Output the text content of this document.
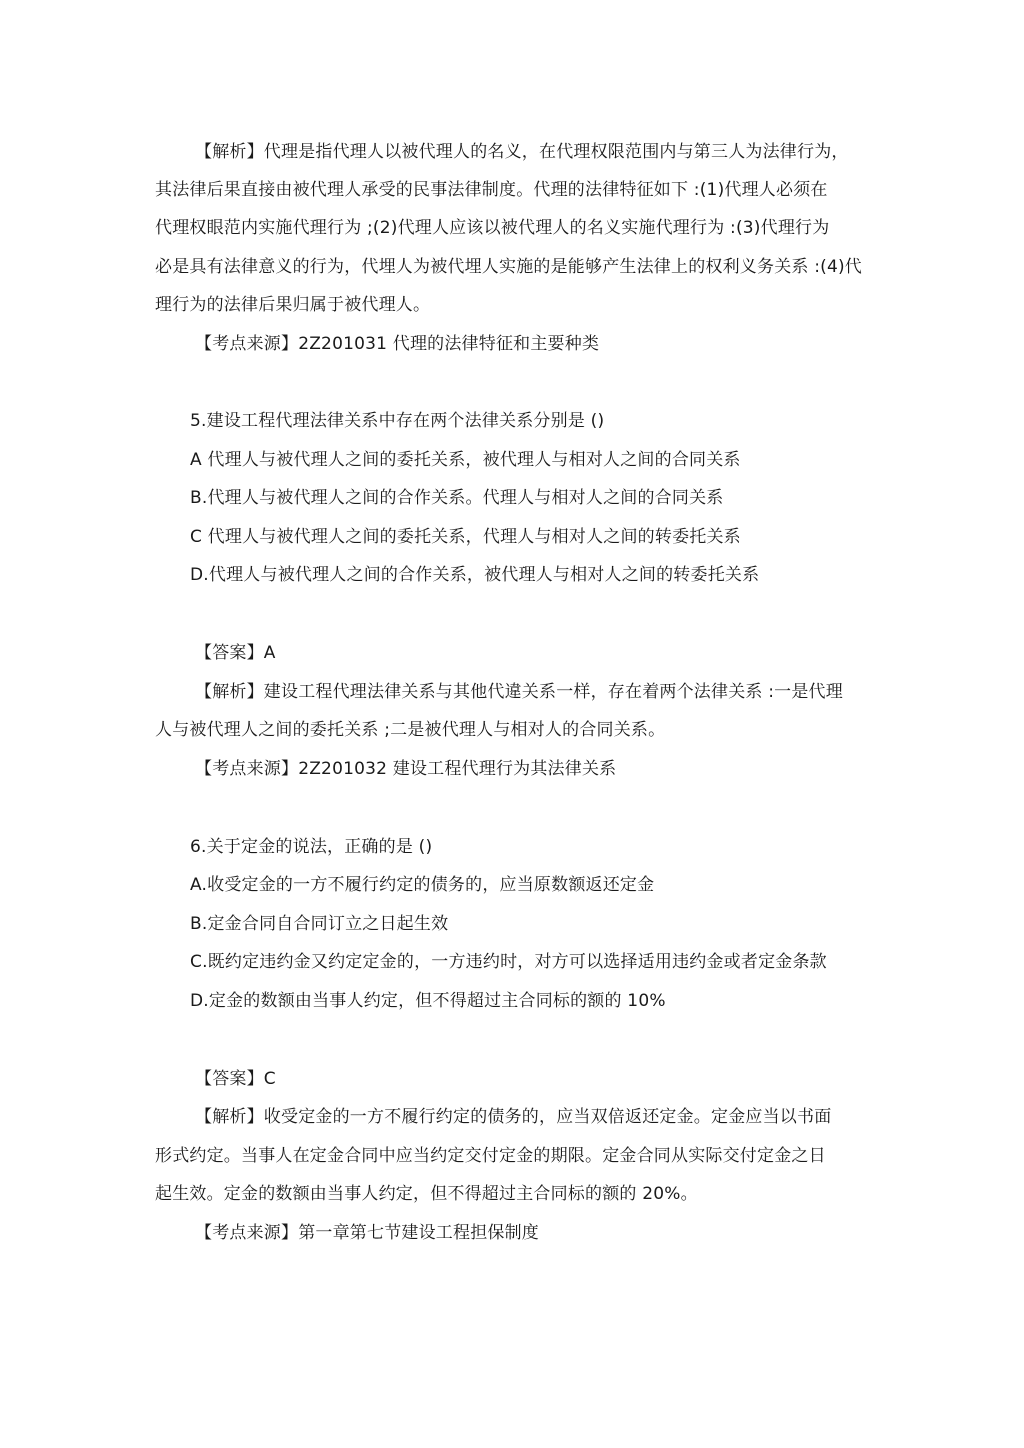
【解析】代理是指代理人以被代理人的名义，在代理权限范围内与第三人为法律行为，
其法律后果直接由被代理人承受的民事法律制度。代理的法律特征如下 :(1)代理人必须在
代理权眼范内实施代理行为 ;(2)代理人应该以被代理人的名义实施代理行为 :(3)代理行为
必是具有法律意义的行为，代埋人为被代埋人实施的是能够产生法律上的权利义务关系 :(4)代
理行为的法律后果归属于被代理人。
【考点来源】2Z201031 代理的法律特征和主要种类
5.建设工程代理法律关系中存在两个法律关系分别是 ()
A 代理人与被代理人之间的委托关系，被代理人与相对人之间的合同关系
B.代理人与被代理人之间的合作关系。代理人与相对人之间的合同关系
C 代理人与被代理人之间的委托关系，代理人与相对人之间的转委托关系
D.代理人与被代理人之间的合作关系，被代理人与相对人之间的转委托关系
【答案】A
【解析】建设工程代理法律关系与其他代違关系一样，存在着两个法律关系 :一是代理
人与被代理人之间的委托关系 ;二是被代理人与相对人的合同关系。
【考点来源】2Z201032 建设工程代理行为其法律关系
6.关于定金的说法，正确的是 ()
A.收受定金的一方不履行约定的债务的，应当原数额返还定金
B.定金合同自合同订立之日起生效
C.既约定违约金又约定定金的，一方违约时，对方可以选择适用违约金或者定金条款
D.定金的数额由当事人约定，但不得超过主合同标的额的 10%
【答案】C
【解析】收受定金的一方不履行约定的债务的，应当双倍返还定金。定金应当以书面
形式约定。当事人在定金合同中应当约定交付定金的期限。定金合同从实际交付定金之日
起生效。定金的数额由当事人约定，但不得超过主合同标的额的 20%。
【考点来源】第一章第七节建设工程担保制度
